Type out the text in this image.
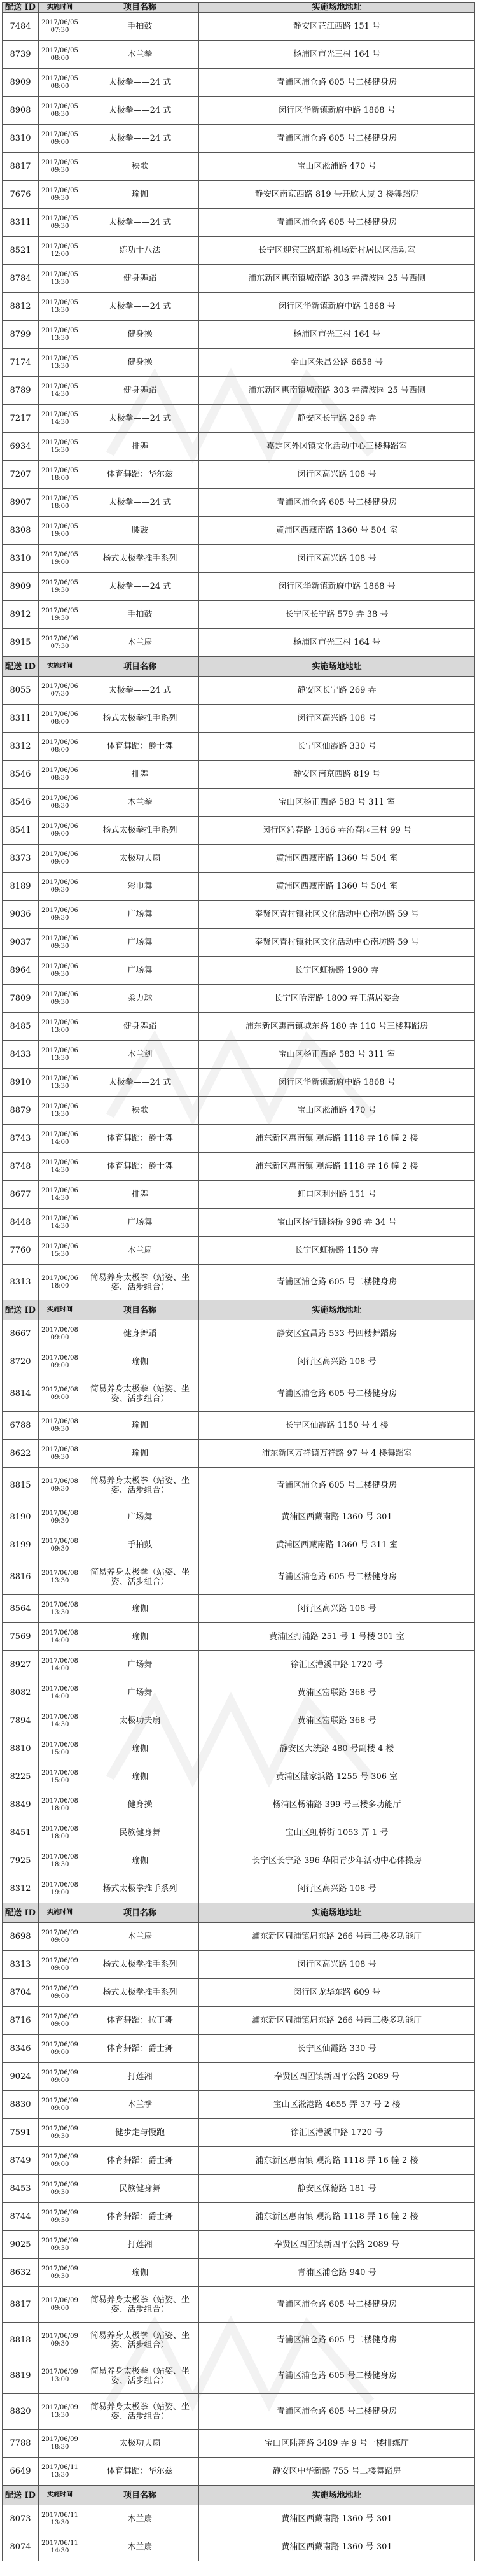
配送 ID	实施时间	项目名称	实施场地地址
7484	2017/06/05 07:30	手拍鼓	静安区芷江西路 151 号
8739	2017/06/05 08:00	木兰拳	杨浦区市光三村 164 号
8909	2017/06/05 08:00	太极拳——24 式	青浦区浦仓路 605 号二楼健身房
8908	2017/06/05 08:30	太极拳——24 式	闵行区华新镇新府中路 1868 号
8310	2017/06/05 09:00	太极拳——24 式	青浦区浦仓路 605 号二楼健身房
8817	2017/06/05 09:30	秧歌	宝山区淞浦路 470 号
7676	2017/06/05 09:30	瑜伽	静安区南京西路 819 号开欣大厦 3 楼舞蹈房
8311	2017/06/05 09:30	太极拳——24 式	青浦区浦仓路 605 号二楼健身房
8521	2017/06/05 12:00	练功十八法	长宁区迎宾三路虹桥机场新村居民区活动室
8784	2017/06/05 13:30	健身舞蹈	浦东新区惠南镇城南路 303 弄清波园 25 号西侧
8812	2017/06/05 13:30	太极拳——24 式	闵行区华新镇新府中路 1868 号
8799	2017/06/05 13:30	健身操	杨浦区市光三村 164 号
7174	2017/06/05 13:30	健身操	金山区朱昌公路 6658 号
8789	2017/06/05 14:30	健身舞蹈	浦东新区惠南镇城南路 303 弄清波园 25 号西侧
7217	2017/06/05 14:30	太极拳——24 式	静安区长宁路 269 弄
6934	2017/06/05 15:30	排舞	嘉定区外冈镇文化活动中心三楼舞蹈室
7207	2017/06/05 18:00	体育舞蹈：华尔兹	闵行区高兴路 108 号
8907	2017/06/05 18:00	太极拳——24 式	青浦区浦仓路 605 号二楼健身房
8308	2017/06/05 19:00	腰鼓	黄浦区西藏南路 1360 号 504 室
8310	2017/06/05 19:00	杨式太极拳推手系列	闵行区高兴路 108 号
8909	2017/06/05 19:30	太极拳——24 式	闵行区华新镇新府中路 1868 号
8912	2017/06/05 19:30	手拍鼓	长宁区长宁路 579 弄 38 号
8915	2017/06/06 07:30	木兰扇	杨浦区市光三村 164 号
配送 ID	实施时间	项目名称	实施场地地址
8055	2017/06/06 07:30	太极拳——24 式	静安区长宁路 269 弄
8311	2017/06/06 08:00	杨式太极拳推手系列	闵行区高兴路 108 号
8312	2017/06/06 08:00	体育舞蹈：爵士舞	长宁区仙霞路 330 号
8546	2017/06/06 08:30	排舞	静安区南京西路 819 号
8546	2017/06/06 08:30	木兰拳	宝山区杨正西路 583 号 311 室
8541	2017/06/06 09:00	杨式太极拳推手系列	闵行区沁春路 1366 弄沁春园三村 99 号
8373	2017/06/06 09:00	太极功夫扇	黄浦区西藏南路 1360 号 504 室
8189	2017/06/06 09:30	彩巾舞	黄浦区西藏南路 1360 号 504 室
9036	2017/06/06 09:30	广场舞	奉贤区青村镇社区文化活动中心南坊路 59 号
9037	2017/06/06 09:30	广场舞	奉贤区青村镇社区文化活动中心南坊路 59 号
8964	2017/06/06 09:30	广场舞	长宁区虹桥路 1980 弄
7809	2017/06/06 09:30	柔力球	长宁区哈密路 1800 弄王满居委会
8485	2017/06/06 13:00	健身舞蹈	浦东新区惠南镇城东路 180 弄 110 号三楼舞蹈房
8433	2017/06/06 13:30	木兰剑	宝山区杨正西路 583 号 311 室
8910	2017/06/06 13:30	太极拳——24 式	闵行区华新镇新府中路 1868 号
8879	2017/06/06 13:30	秧歌	宝山区淞浦路 470 号
8743	2017/06/06 14:00	体育舞蹈：爵士舞	浦东新区惠南镇 观海路 1118 弄 16 幢 2 楼
8748	2017/06/06 14:30	体育舞蹈：爵士舞	浦东新区惠南镇 观海路 1118 弄 16 幢 2 楼
8677	2017/06/06 14:30	排舞	虹口区利州路 151 号
8448	2017/06/06 14:30	广场舞	宝山区杨行镇杨桥 996 弄 34 号
7760	2017/06/06 15:30	木兰扇	长宁区虹桥路 1150 弄
8313	2017/06/06 18:00	简易养身太极拳（站姿、坐姿、活步组合）	青浦区浦仓路 605 号二楼健身房
配送 ID	实施时间	项目名称	实施场地地址
8667	2017/06/08 09:00	健身舞蹈	静安区宜昌路 533 号四楼舞蹈房
8720	2017/06/08 09:00	瑜伽	闵行区高兴路 108 号
8814	2017/06/08 09:00	简易养身太极拳（站姿、坐姿、活步组合）	青浦区浦仓路 605 号二楼健身房
6788	2017/06/08 09:30	瑜伽	长宁区仙霞路 1150 号 4 楼
8622	2017/06/08 09:30	瑜伽	浦东新区万祥镇万祥路 97 号 4 楼舞蹈室
8815	2017/06/08 09:30	简易养身太极拳（站姿、坐姿、活步组合）	青浦区浦仓路 605 号二楼健身房
8190	2017/06/08 09:30	广场舞	黄浦区西藏南路 1360 号 301
8199	2017/06/08 09:30	手拍鼓	黄浦区西藏南路 1360 号 311 室
8816	2017/06/08 13:30	简易养身太极拳（站姿、坐姿、活步组合）	青浦区浦仓路 605 号二楼健身房
8564	2017/06/08 13:30	瑜伽	闵行区高兴路 108 号
7569	2017/06/08 14:00	瑜伽	黄浦区打浦路 251 号 1 号楼 301 室
8927	2017/06/08 14:00	广场舞	徐汇区漕溪中路 1720 号
8082	2017/06/08 14:00	广场舞	黄浦区富联路 368 号
7894	2017/06/08 14:30	太极功夫扇	黄浦区富联路 368 号
8810	2017/06/08 15:00	瑜伽	静安区大统路 480 号副楼 4 楼
8225	2017/06/08 15:00	瑜伽	黄浦区陆家浜路 1255 号 306 室
8849	2017/06/08 18:00	健身操	杨浦区杨浦路 399 号三楼多功能厅
8451	2017/06/08 18:00	民族健身舞	宝山区虹桥街 1053 弄 1 号
7925	2017/06/08 18:30	瑜伽	长宁区长宁路 396 华阳青少年活动中心体操房
8312	2017/06/08 19:00	杨式太极拳推手系列	闵行区高兴路 108 号
配送 ID	实施时间	项目名称	实施场地地址
8698	2017/06/09 09:00	木兰扇	浦东新区周浦镇周东路 266 号南三楼多功能厅
8313	2017/06/09 09:00	杨式太极拳推手系列	闵行区高兴路 108 号
8704	2017/06/09 09:00	杨式太极拳推手系列	闵行区龙华东路 609 号
8716	2017/06/09 09:00	体育舞蹈：拉丁舞	浦东新区周浦镇周东路 266 号南三楼多功能厅
8346	2017/06/09 09:00	体育舞蹈：爵士舞	长宁区仙霞路 330 号
9024	2017/06/09 09:00	打莲湘	奉贤区四团镇新四平公路 2089 号
8830	2017/06/09 09:00	木兰拳	宝山区淞港路 4655 弄 37 号 2 楼
7591	2017/06/09 09:30	健步走与慢跑	徐汇区漕溪中路 1720 号
8749	2017/06/09 09:00	体育舞蹈：爵士舞	浦东新区惠南镇 观海路 1118 弄 16 幢 2 楼
8453	2017/06/09 09:30	民族健身舞	静安区保德路 181 号
8744	2017/06/09 09:30	体育舞蹈：爵士舞	浦东新区惠南镇 观海路 1118 弄 16 幢 2 楼
9025	2017/06/09 09:30	打莲湘	奉贤区四团镇新四平公路 2089 号
8632	2017/06/09 09:30	瑜伽	青浦区浦仓路 940 号
8817	2017/06/09 09:00	简易养身太极拳（站姿、坐姿、活步组合）	青浦区浦仓路 605 号二楼健身房
8818	2017/06/09 09:30	简易养身太极拳（站姿、坐姿、活步组合）	青浦区浦仓路 605 号二楼健身房
8819	2017/06/09 13:00	简易养身太极拳（站姿、坐姿、活步组合）	青浦区浦仓路 605 号二楼健身房
8820	2017/06/09 13:30	简易养身太极拳（站姿、坐姿、活步组合）	青浦区浦仓路 605 号二楼健身房
7788	2017/06/09 18:30	太极功夫扇	宝山区陆翔路 3489 弄 9 号一楼排练厅
6649	2017/06/11 13:30	体育舞蹈：华尔兹	静安区中华新路 755 号二楼舞蹈房
配送 ID	实施时间	项目名称	实施场地地址
8073	2017/06/11 13:30	木兰扇	黄浦区西藏南路 1360 号 301
8074	2017/06/11 14:30	木兰扇	黄浦区西藏南路 1360 号 301
